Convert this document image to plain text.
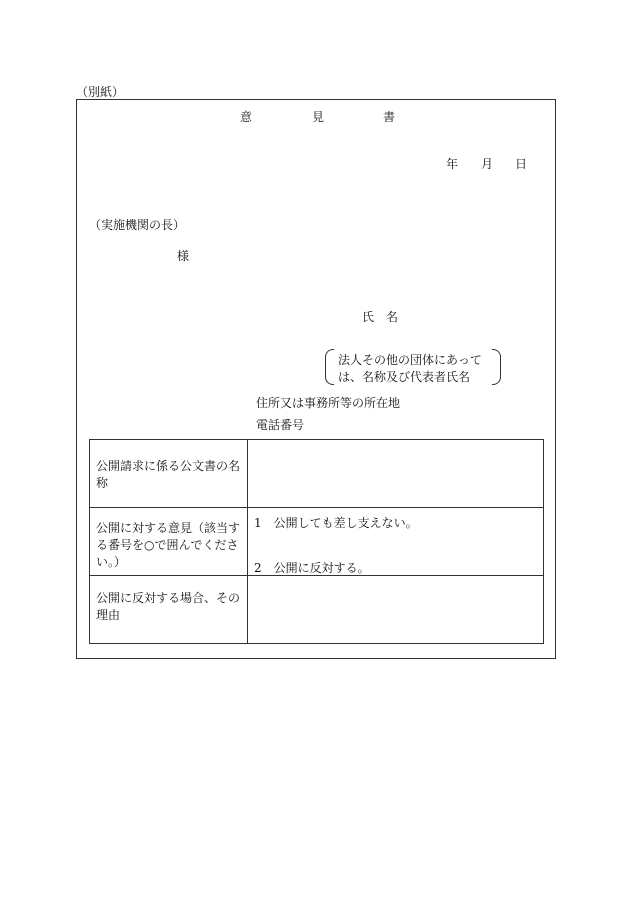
（別紙）
意	見	書
年 月 日
（実施機関の長）
様
氏　名
法人その他の団体にあって
は、名称及び代表者氏名
住所又は事務所等の所在地
電話番号
公開請求に係る公文書の名称	
公開に対する意見（該当する番号を○で囲んでください。）	1　公開しても差し支えない。
2　公開に反対する。

公開に反対する場合、その理由	
